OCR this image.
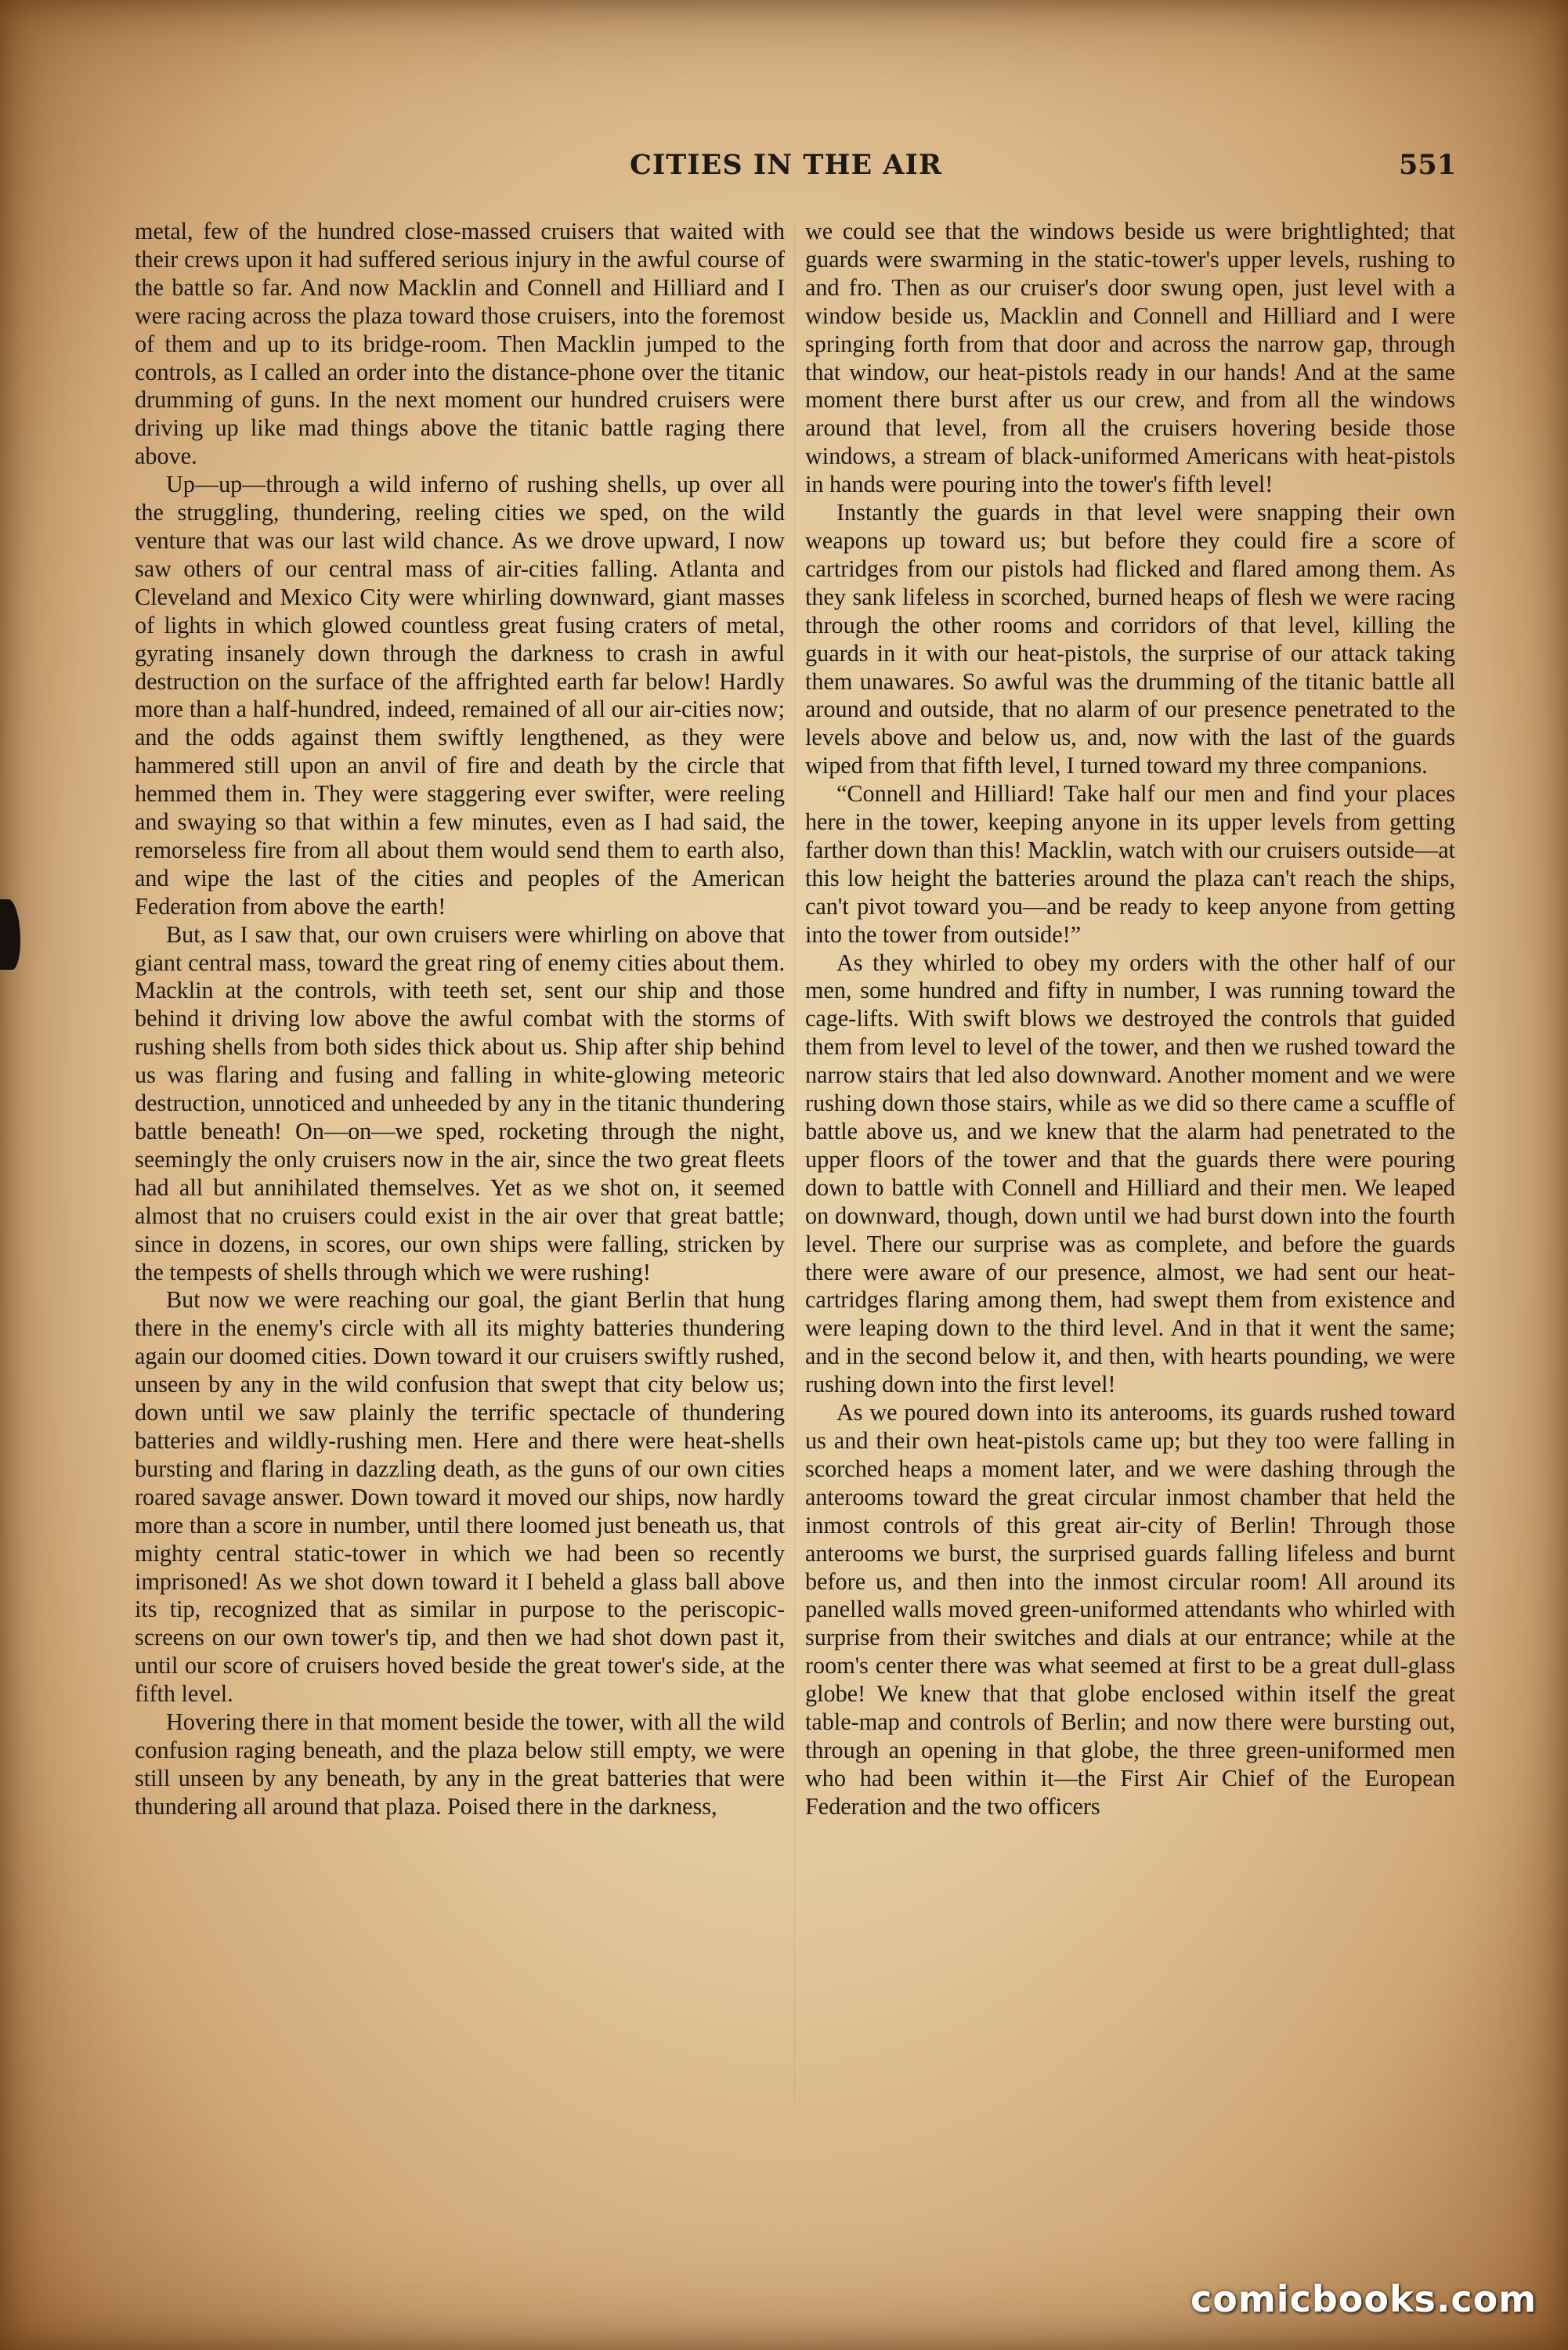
CITIES IN THE AIR	551

metal, few of the hundred close-massed cruisers that waited with their crews upon it had suffered serious injury in the awful course of the battle so far. And now Macklin and Connell and Hilliard and I were racing across the plaza toward those cruisers, into the foremost of them and up to its bridge-room. Then Macklin jumped to the controls, as I called an order into the distance-phone over the titanic drumming of guns. In the next moment our hundred cruisers were driving up like mad things above the titanic battle raging there above.

Up—up—through a wild inferno of rushing shells, up over all the struggling, thundering, reeling cities we sped, on the wild venture that was our last wild chance. As we drove upward, I now saw others of our central mass of air-cities falling. Atlanta and Cleveland and Mexico City were whirling downward, giant masses of lights in which glowed countless great fusing craters of metal, gyrating insanely down through the darkness to crash in awful destruction on the surface of the affrighted earth far below! Hardly more than a half-hundred, indeed, remained of all our air-cities now; and the odds against them swiftly lengthened, as they were hammered still upon an anvil of fire and death by the circle that hemmed them in. They were staggering ever swifter, were reeling and swaying so that within a few minutes, even as I had said, the remorseless fire from all about them would send them to earth also, and wipe the last of the cities and peoples of the American Federation from above the earth!

But, as I saw that, our own cruisers were whirling on above that giant central mass, toward the great ring of enemy cities about them. Macklin at the controls, with teeth set, sent our ship and those behind it driving low above the awful combat with the storms of rushing shells from both sides thick about us. Ship after ship behind us was flaring and fusing and falling in white-glowing meteoric destruction, unnoticed and unheeded by any in the titanic thundering battle beneath! On—on—we sped, rocketing through the night, seemingly the only cruisers now in the air, since the two great fleets had all but annihilated themselves. Yet as we shot on, it seemed almost that no cruisers could exist in the air over that great battle; since in dozens, in scores, our own ships were falling, stricken by the tempests of shells through which we were rushing!

But now we were reaching our goal, the giant Berlin that hung there in the enemy's circle with all its mighty batteries thundering again our doomed cities. Down toward it our cruisers swiftly rushed, unseen by any in the wild confusion that swept that city below us; down until we saw plainly the terrific spectacle of thundering batteries and wildly-rushing men. Here and there were heat-shells bursting and flaring in dazzling death, as the guns of our own cities roared savage answer. Down toward it moved our ships, now hardly more than a score in number, until there loomed just beneath us, that mighty central static-tower in which we had been so recently imprisoned! As we shot down toward it I beheld a glass ball above its tip, recognized that as similar in purpose to the periscopic-screens on our own tower's tip, and then we had shot down past it, until our score of cruisers hoved beside the great tower's side, at the fifth level.

Hovering there in that moment beside the tower, with all the wild confusion raging beneath, and the plaza below still empty, we were still unseen by any beneath, by any in the great batteries that were thundering all around that plaza. Poised there in the darkness,

we could see that the windows beside us were brightlighted; that guards were swarming in the static-tower's upper levels, rushing to and fro. Then as our cruiser's door swung open, just level with a window beside us, Macklin and Connell and Hilliard and I were springing forth from that door and across the narrow gap, through that window, our heat-pistols ready in our hands! And at the same moment there burst after us our crew, and from all the windows around that level, from all the cruisers hovering beside those windows, a stream of black-uniformed Americans with heat-pistols in hands were pouring into the tower's fifth level!

Instantly the guards in that level were snapping their own weapons up toward us; but before they could fire a score of cartridges from our pistols had flicked and flared among them. As they sank lifeless in scorched, burned heaps of flesh we were racing through the other rooms and corridors of that level, killing the guards in it with our heat-pistols, the surprise of our attack taking them unawares. So awful was the drumming of the titanic battle all around and outside, that no alarm of our presence penetrated to the levels above and below us, and, now with the last of the guards wiped from that fifth level, I turned toward my three companions.

“Connell and Hilliard! Take half our men and find your places here in the tower, keeping anyone in its upper levels from getting farther down than this! Macklin, watch with our cruisers outside—at this low height the batteries around the plaza can't reach the ships, can't pivot toward you—and be ready to keep anyone from getting into the tower from outside!”

As they whirled to obey my orders with the other half of our men, some hundred and fifty in number, I was running toward the cage-lifts. With swift blows we destroyed the controls that guided them from level to level of the tower, and then we rushed toward the narrow stairs that led also downward. Another moment and we were rushing down those stairs, while as we did so there came a scuffle of battle above us, and we knew that the alarm had penetrated to the upper floors of the tower and that the guards there were pouring down to battle with Connell and Hilliard and their men. We leaped on downward, though, down until we had burst down into the fourth level. There our surprise was as complete, and before the guards there were aware of our presence, almost, we had sent our heat-cartridges flaring among them, had swept them from existence and were leaping down to the third level. And in that it went the same; and in the second below it, and then, with hearts pounding, we were rushing down into the first level!

As we poured down into its anterooms, its guards rushed toward us and their own heat-pistols came up; but they too were falling in scorched heaps a moment later, and we were dashing through the anterooms toward the great circular inmost chamber that held the inmost controls of this great air-city of Berlin! Through those anterooms we burst, the surprised guards falling lifeless and burnt before us, and then into the inmost circular room! All around its panelled walls moved green-uniformed attendants who whirled with surprise from their switches and dials at our entrance; while at the room's center there was what seemed at first to be a great dull-glass globe! We knew that that globe enclosed within itself the great table-map and controls of Berlin; and now there were bursting out, through an opening in that globe, the three green-uniformed men who had been within it—the First Air Chief of the European Federation and the two officers

comicbooks.com
